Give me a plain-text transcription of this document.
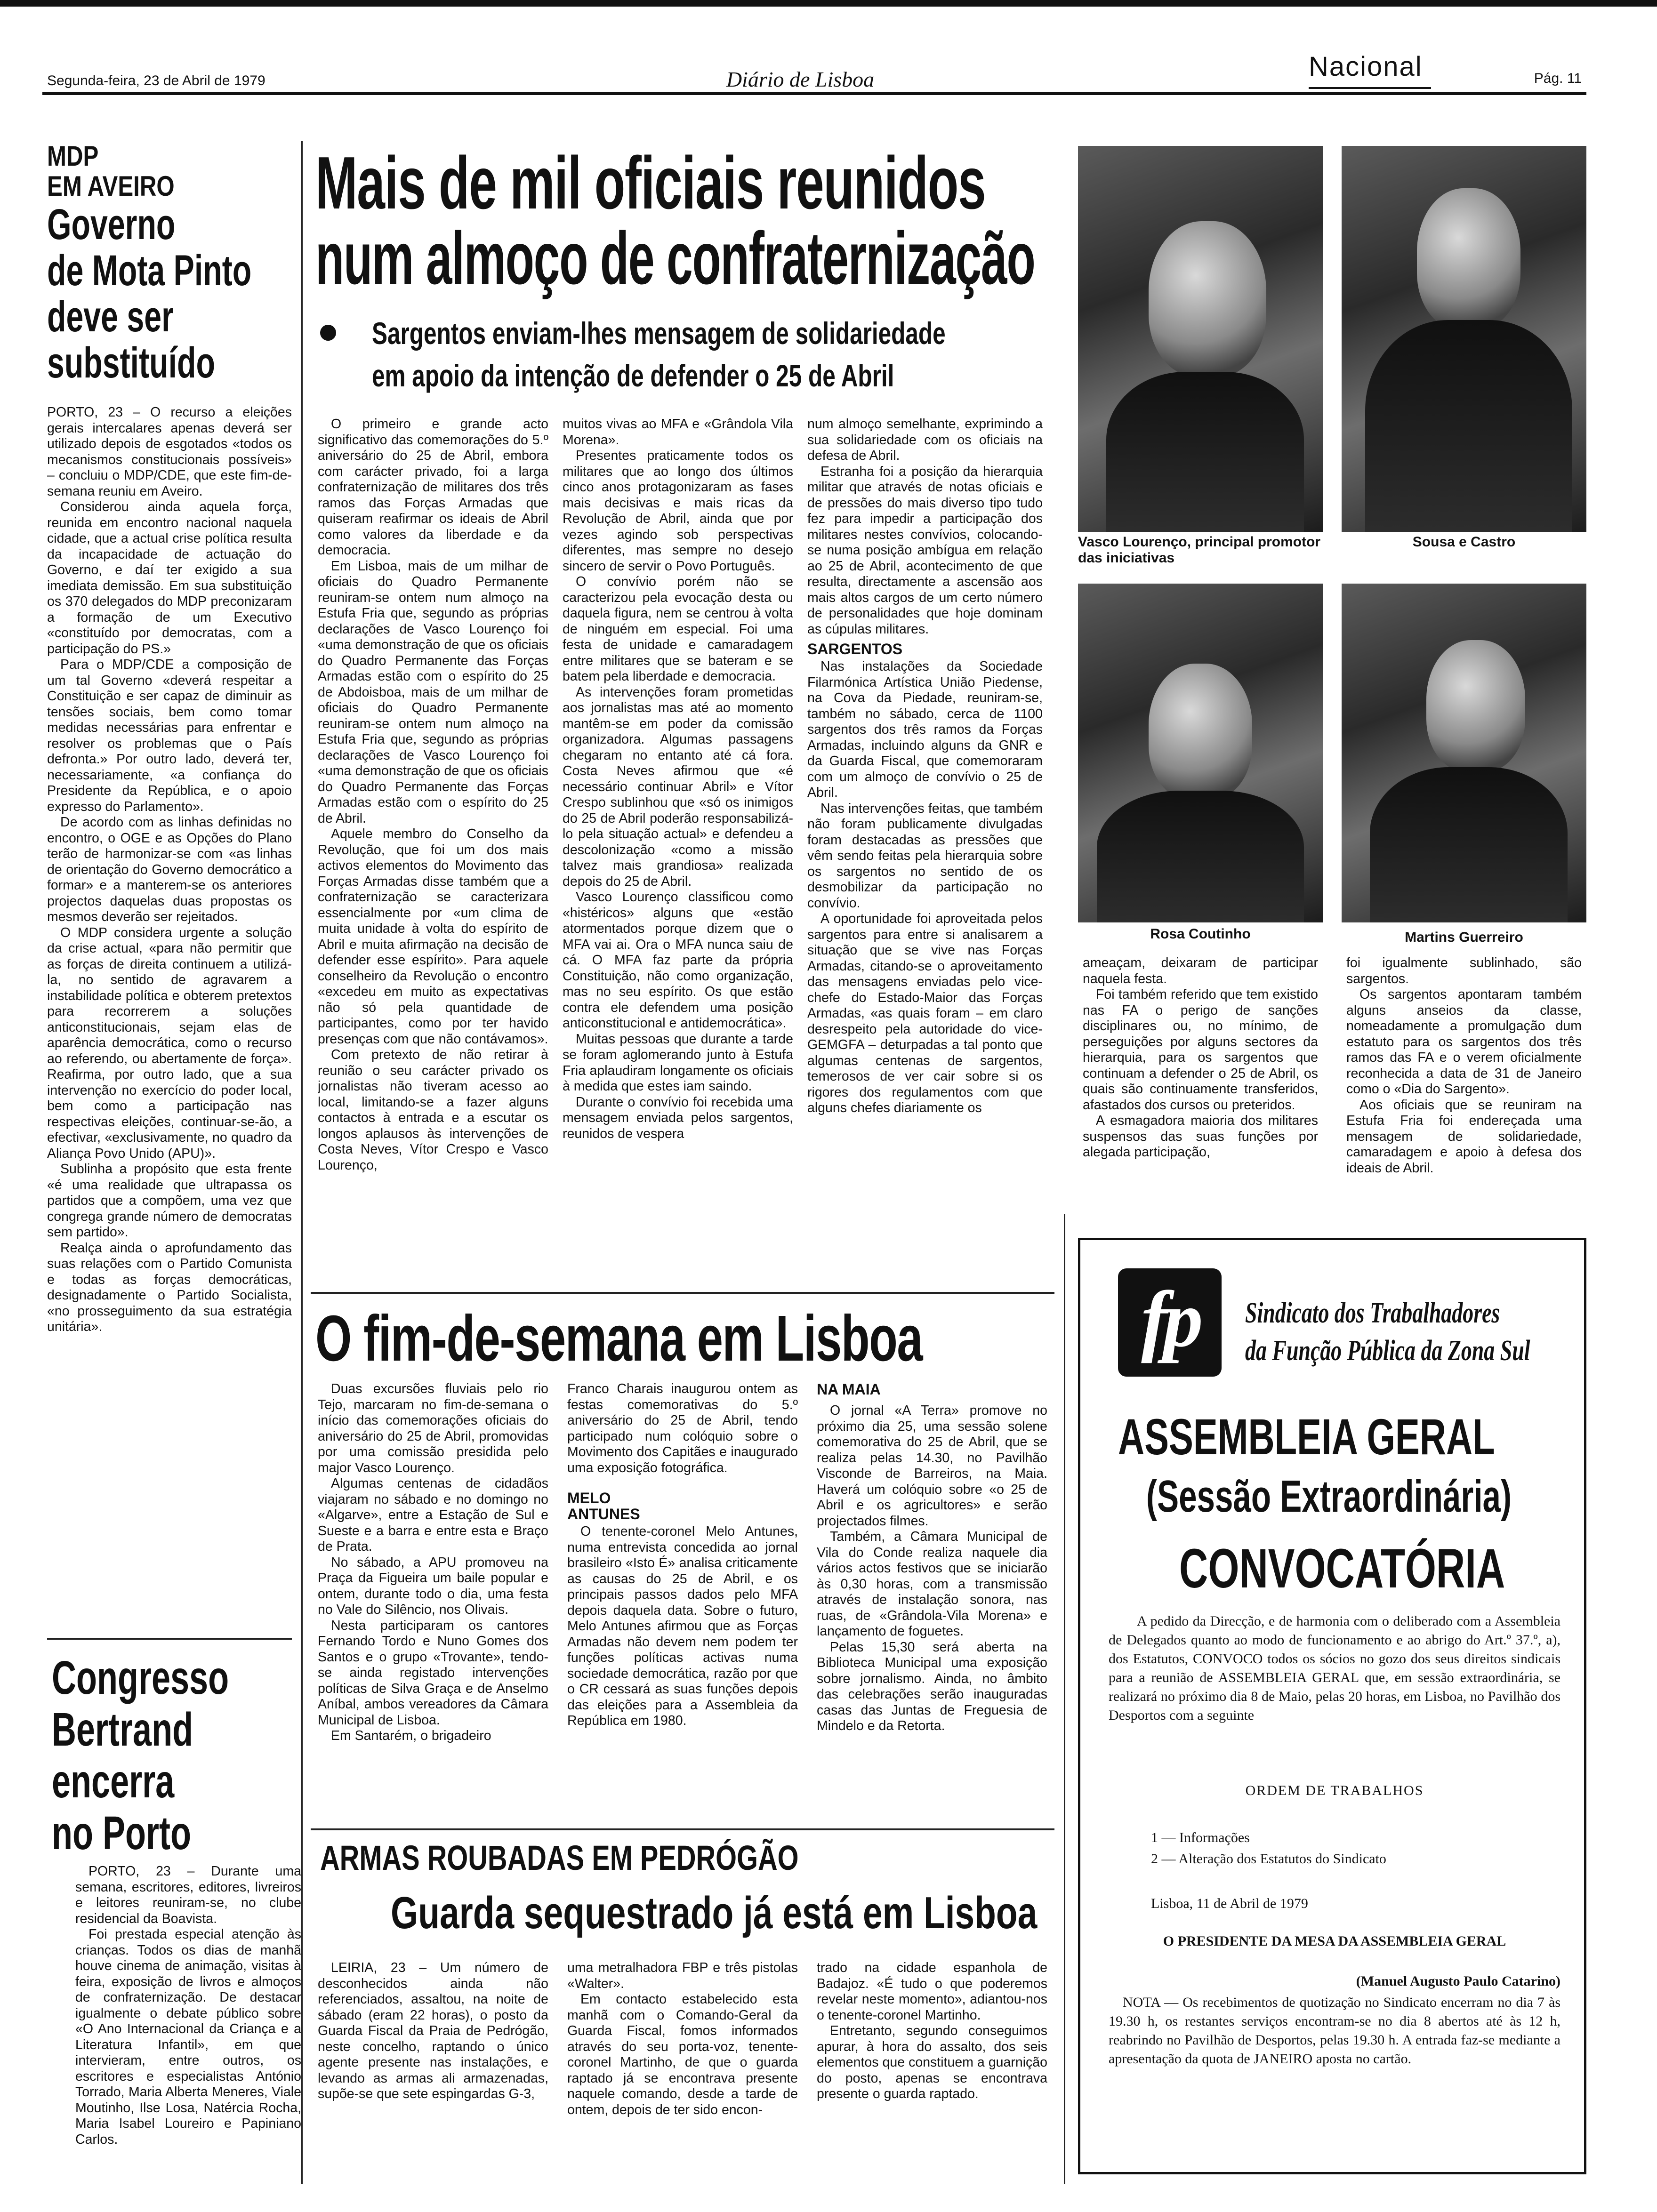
Segunda-feira, 23 de Abril de 1979	Diário de Lisboa	Nacional	Pág. 11
MDP
EM AVEIRO
Governo
de Mota Pinto
deve ser
substituído

PORTO, 23 – O recurso a eleições gerais intercalares apenas deverá ser utilizado depois de esgotados «todos os mecanismos constitucionais possíveis» – concluiu o MDP/CDE, que este fim-de-semana reuniu em Aveiro.

Considerou ainda aquela força, reunida em encontro nacional naquela cidade, que a actual crise política resulta da incapacidade de actuação do Governo, e daí ter exigido a sua imediata demissão. Em sua substituição os 370 delegados do MDP preconizaram a formação de um Executivo «constituído por democratas, com a participação do PS.»

Para o MDP/CDE a composição de um tal Governo «deverá respeitar a Constituição e ser capaz de diminuir as tensões sociais, bem como tomar medidas necessárias para enfrentar e resolver os problemas que o País defronta.» Por outro lado, deverá ter, necessariamente, «a confiança do Presidente da República, e o apoio expresso do Parlamento».

De acordo com as linhas definidas no encontro, o OGE e as Opções do Plano terão de harmonizar-se com «as linhas de orientação do Governo democrático a formar» e a manterem-se os anteriores projectos daquelas duas propostas os mesmos deverão ser rejeitados.

O MDP considera urgente a solução da crise actual, «para não permitir que as forças de direita continuem a utilizá-la, no sentido de agravarem a instabilidade política e obterem pretextos para recorrerem a soluções anticonstitucionais, sejam elas de aparência democrática, como o recurso ao referendo, ou abertamente de força». Reafirma, por outro lado, que a sua intervenção no exercício do poder local, bem como a participação nas respectivas eleições, continuar-se-ão, a efectivar, «exclusivamente, no quadro da Aliança Povo Unido (APU)».

Sublinha a propósito que esta frente «é uma realidade que ultrapassa os partidos que a compõem, uma vez que congrega grande número de democratas sem partido».

Realça ainda o aprofundamento das suas relações com o Partido Comunista e todas as forças democráticas, designadamente o Partido Socialista, «no prosseguimento da sua estratégia unitária».

Congresso
Bertrand
encerra
no Porto

PORTO, 23 – Durante uma semana, escritores, editores, livreiros e leitores reuniram-se, no clube residencial da Boavista.

Foi prestada especial atenção às crianças. Todos os dias de manhã houve cinema de animação, visitas à feira, exposição de livros e almoços de confraternização. De destacar igualmente o debate público sobre «O Ano Internacional da Criança e a Literatura Infantil», em que intervieram, entre outros, os escritores e especialistas António Torrado, Maria Alberta Meneres, Viale Moutinho, Ilse Losa, Natércia Rocha, Maria Isabel Loureiro e Papiniano Carlos.

Mais de mil oficiais reunidos
num almoço de confraternização
Sargentos enviam-lhes mensagem de solidariedade
em apoio da intenção de defender o 25 de Abril

O primeiro e grande acto significativo das comemorações do 5.º aniversário do 25 de Abril, embora com carácter privado, foi a larga confraternização de militares dos três ramos das Forças Armadas que quiseram reafirmar os ideais de Abril como valores da liberdade e da democracia.

Em Lisboa, mais de um milhar de oficiais do Quadro Permanente reuniram-se ontem num almoço na Estufa Fria que, segundo as próprias declarações de Vasco Lourenço foi «uma demonstração de que os oficiais do Quadro Permanente das Forças Armadas estão com o espírito do 25 de Abdoisboa, mais de um milhar de oficiais do Quadro Permanente reuniram-se ontem num almoço na Estufa Fria que, segundo as próprias declarações de Vasco Lourenço foi «uma demonstração de que os oficiais do Quadro Permanente das Forças Armadas estão com o espírito do 25 de Abril.

Aquele membro do Conselho da Revolução, que foi um dos mais activos elementos do Movimento das Forças Armadas disse também que a confraternização se caracterizara essencialmente por «um clima de muita unidade à volta do espírito de Abril e muita afirmação na decisão de defender esse espírito». Para aquele conselheiro da Revolução o encontro «excedeu em muito as expectativas não só pela quantidade de participantes, como por ter havido presenças com que não contávamos».

Com pretexto de não retirar à reunião o seu carácter privado os jornalistas não tiveram acesso ao local, limitando-se a fazer alguns contactos à entrada e a escutar os longos aplausos às intervenções de Costa Neves, Vítor Crespo e Vasco Lourenço,

muitos vivas ao MFA e «Grândola Vila Morena».

Presentes praticamente todos os militares que ao longo dos últimos cinco anos protagonizaram as fases mais decisivas e mais ricas da Revolução de Abril, ainda que por vezes agindo sob perspectivas diferentes, mas sempre no desejo sincero de servir o Povo Português.

O convívio porém não se caracterizou pela evocação desta ou daquela figura, nem se centrou à volta de ninguém em especial. Foi uma festa de unidade e camaradagem entre militares que se bateram e se batem pela liberdade e democracia.

As intervenções foram prometidas aos jornalistas mas até ao momento mantêm-se em poder da comissão organizadora. Algumas passagens chegaram no entanto até cá fora. Costa Neves afirmou que «é necessário continuar Abril» e Vítor Crespo sublinhou que «só os inimigos do 25 de Abril poderão responsabilizá-lo pela situação actual» e defendeu a descolonização «como a missão talvez mais grandiosa» realizada depois do 25 de Abril.

Vasco Lourenço classificou como «histéricos» alguns que «estão atormentados porque dizem que o MFA vai ai. Ora o MFA nunca saiu de cá. O MFA faz parte da própria Constituição, não como organização, mas no seu espírito. Os que estão contra ele defendem uma posição anticonstitucional e antidemocrática».

Muitas pessoas que durante a tarde se foram aglomerando junto à Estufa Fria aplaudiram longamente os oficiais à medida que estes iam saindo.

Durante o convívio foi recebida uma mensagem enviada pelos sargentos, reunidos de vespera

num almoço semelhante, exprimindo a sua solidariedade com os oficiais na defesa de Abril.

Estranha foi a posição da hierarquia militar que através de notas oficiais e de pressões do mais diverso tipo tudo fez para impedir a participação dos militares nestes convívios, colocando-se numa posição ambígua em relação ao 25 de Abril, acontecimento de que resulta, directamente a ascensão aos mais altos cargos de um certo número de personalidades que hoje dominam as cúpulas militares.

SARGENTOS

Nas instalações da Sociedade Filarmónica Artística União Piedense, na Cova da Piedade, reuniram-se, também no sábado, cerca de 1100 sargentos dos três ramos da Forças Armadas, incluindo alguns da GNR e da Guarda Fiscal, que comemoraram com um almoço de convívio o 25 de Abril.

Nas intervenções feitas, que também não foram publicamente divulgadas foram destacadas as pressões que vêm sendo feitas pela hierarquia sobre os sargentos no sentido de os desmobilizar da participação no convívio.

A oportunidade foi aproveitada pelos sargentos para entre si analisarem a situação que se vive nas Forças Armadas, citando-se o aproveitamento das mensagens enviadas pelo vice-chefe do Estado-Maior das Forças Armadas, «as quais foram – em claro desrespeito pela autoridade do vice-GEMGFA – deturpadas a tal ponto que algumas centenas de sargentos, temerosos de ver cair sobre si os rigores dos regulamentos com que alguns chefes diariamente os

Vasco Lourenço, principal promotor das iniciativas
Sousa e Castro
Rosa Coutinho	Martins Guerreiro

ameaçam, deixaram de participar naquela festa.

Foi também referido que tem existido nas FA o perigo de sanções disciplinares ou, no mínimo, de perseguições por alguns sectores da hierarquia, para os sargentos que continuam a defender o 25 de Abril, os quais são continuamente transferidos, afastados dos cursos ou preteridos.

A esmagadora maioria dos militares suspensos das suas funções por alegada participação,

foi igualmente sublinhado, são sargentos.

Os sargentos apontaram também alguns anseios da classe, nomeadamente a promulgação dum estatuto para os sargentos dos três ramos das FA e o verem oficialmente reconhecida a data de 31 de Janeiro como o «Dia do Sargento».

Aos oficiais que se reuniram na Estufa Fria foi endereçada uma mensagem de solidariedade, camaradagem e apoio à defesa dos ideais de Abril.

O fim-de-semana em Lisboa

Duas excursões fluviais pelo rio Tejo, marcaram no fim-de-semana o início das comemorações oficiais do aniversário do 25 de Abril, promovidas por uma comissão presidida pelo major Vasco Lourenço.

Algumas centenas de cidadãos viajaram no sábado e no domingo no «Algarve», entre a Estação de Sul e Sueste e a barra e entre esta e Braço de Prata.

No sábado, a APU promoveu na Praça da Figueira um baile popular e ontem, durante todo o dia, uma festa no Vale do Silêncio, nos Olivais.

Nesta participaram os cantores Fernando Tordo e Nuno Gomes dos Santos e o grupo «Trovante», tendo-se ainda registado intervenções políticas de Silva Graça e de Anselmo Aníbal, ambos vereadores da Câmara Municipal de Lisboa.

Em Santarém, o brigadeiro

Franco Charais inaugurou ontem as festas comemorativas do 5.º aniversário do 25 de Abril, tendo participado num colóquio sobre o Movimento dos Capitães e inaugurado uma exposição fotográfica.

MELO
ANTUNES

O tenente-coronel Melo Antunes, numa entrevista concedida ao jornal brasileiro «Isto É» analisa criticamente as causas do 25 de Abril, e os principais passos dados pelo MFA depois daquela data. Sobre o futuro, Melo Antunes afirmou que as Forças Armadas não devem nem podem ter funções políticas activas numa sociedade democrática, razão por que o CR cessará as suas funções depois das eleições para a Assembleia da República em 1980.

NA MAIA

O jornal «A Terra» promove no próximo dia 25, uma sessão solene comemorativa do 25 de Abril, que se realiza pelas 14.30, no Pavilhão Visconde de Barreiros, na Maia. Haverá um colóquio sobre «o 25 de Abril e os agricultores» e serão projectados filmes.

Também, a Câmara Municipal de Vila do Conde realiza naquele dia vários actos festivos que se iniciarão às 0,30 horas, com a transmissão através de instalação sonora, nas ruas, de «Grândola-Vila Morena» e lançamento de foguetes.

Pelas 15,30 será aberta na Biblioteca Municipal uma exposição sobre jornalismo. Ainda, no âmbito das celebrações serão inauguradas casas das Juntas de Freguesia de Mindelo e da Retorta.

ARMAS ROUBADAS EM PEDRÓGÃO
Guarda sequestrado já está em Lisboa

LEIRIA, 23 – Um número de desconhecidos ainda não referenciados, assaltou, na noite de sábado (eram 22 horas), o posto da Guarda Fiscal da Praia de Pedrógão, neste concelho, raptando o único agente presente nas instalações, e levando as armas ali armazenadas, supõe-se que sete espingardas G-3,

uma metralhadora FBP e três pistolas «Walter».

Em contacto estabelecido esta manhã com o Comando-Geral da Guarda Fiscal, fomos informados através do seu porta-voz, tenente-coronel Martinho, de que o guarda raptado já se encontrava presente naquele comando, desde a tarde de ontem, depois de ter sido encon-

trado na cidade espanhola de Badajoz. «É tudo o que poderemos revelar neste momento», adiantou-nos o tenente-coronel Martinho.

Entretanto, segundo conseguimos apurar, à hora do assalto, dos seis elementos que constituem a guarnição do posto, apenas se encontrava presente o guarda raptado.

fp	Sindicato dos Trabalhadores
da Função Pública da Zona Sul
ASSEMBLEIA GERAL
(Sessão Extraordinária)
CONVOCATÓRIA
A pedido da Direcção, e de harmonia com o deliberado com a Assembleia de Delegados quanto ao modo de funcionamento e ao abrigo do Art.º 37.º, a), dos Estatutos, CONVOCO todos os sócios no gozo dos seus direitos sindicais para a reunião de ASSEMBLEIA GERAL que, em sessão extraordinária, se realizará no próximo dia 8 de Maio, pelas 20 horas, em Lisboa, no Pavilhão dos Desportos com a seguinte
ORDEM DE TRABALHOS
1 — Informações
2 — Alteração dos Estatutos do Sindicato
Lisboa, 11 de Abril de 1979
O PRESIDENTE DA MESA DA ASSEMBLEIA GERAL
(Manuel Augusto Paulo Catarino)
NOTA — Os recebimentos de quotização no Sindicato encerram no dia 7 às 19.30 h, os restantes serviços encontram-se no dia 8 abertos até às 12 h, reabrindo no Pavilhão de Desportos, pelas 19.30 h. A entrada faz-se mediante a apresentação da quota de JANEIRO aposta no cartão.
